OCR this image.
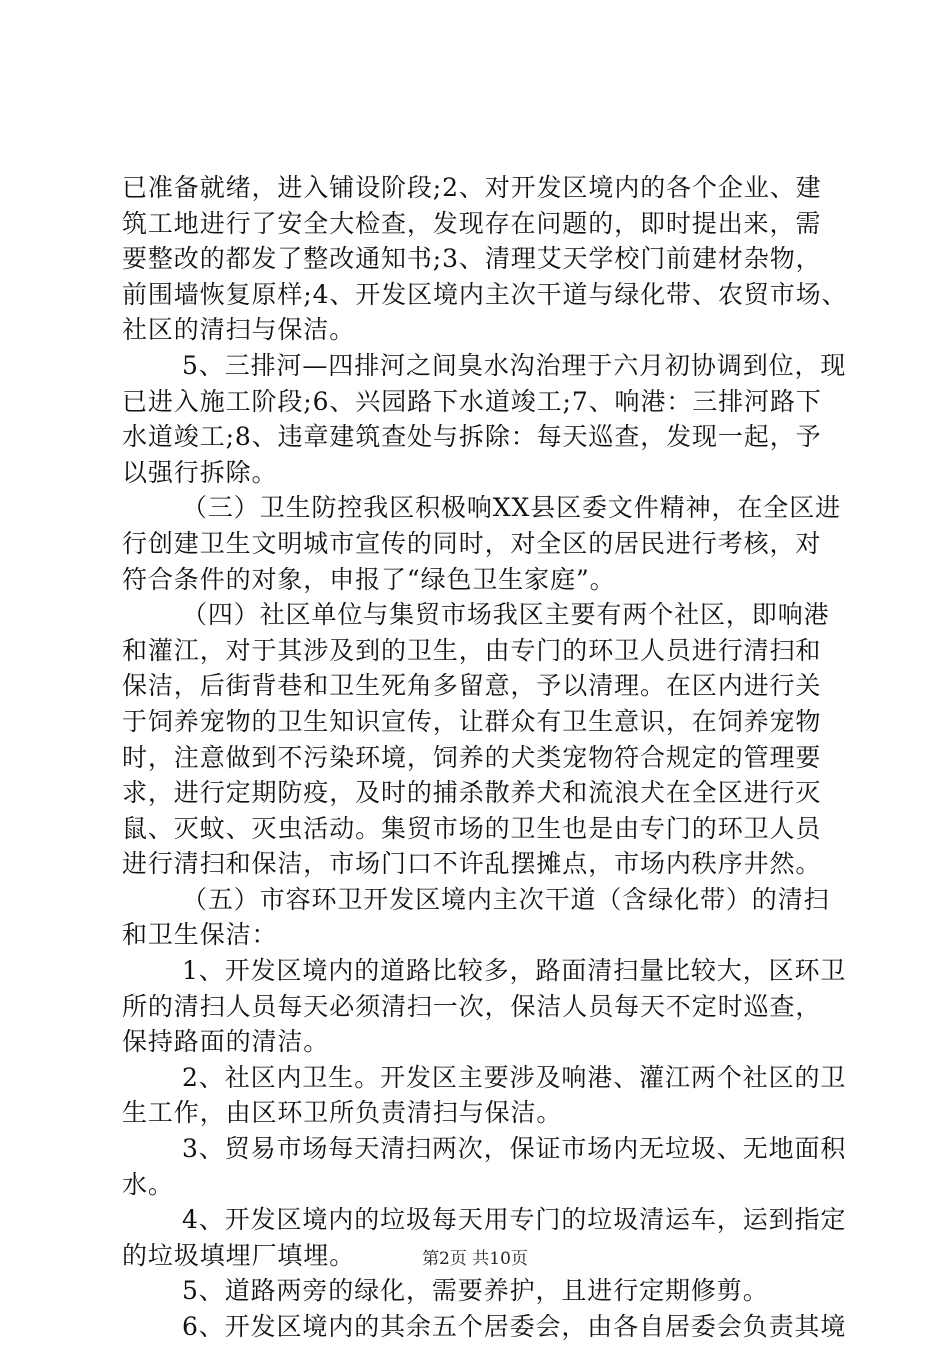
已准备就绪，进入铺设阶段;2、对开发区境内的各个企业、建
筑工地进行了安全大检查，发现存在问题的，即时提出来，需
要整改的都发了整改通知书;3、清理艾天学校门前建材杂物，
前围墙恢复原样;4、开发区境内主次干道与绿化带、农贸市场、
社区的清扫与保洁。
5、三排河—四排河之间臭水沟治理于六月初协调到位，现
已进入施工阶段;6、兴园路下水道竣工;7、响港：三排河路下
水道竣工;8、违章建筑查处与拆除：每天巡查，发现一起，予
以强行拆除。
（三）卫生防控我区积极响XX县区委文件精神，在全区进
行创建卫生文明城市宣传的同时，对全区的居民进行考核，对
符合条件的对象，申报了“绿色卫生家庭”。
（四）社区单位与集贸市场我区主要有两个社区，即响港
和灌江，对于其涉及到的卫生，由专门的环卫人员进行清扫和
保洁，后街背巷和卫生死角多留意，予以清理。在区内进行关
于饲养宠物的卫生知识宣传，让群众有卫生意识，在饲养宠物
时，注意做到不污染环境，饲养的犬类宠物符合规定的管理要
求，进行定期防疫，及时的捕杀散养犬和流浪犬在全区进行灭
鼠、灭蚊、灭虫活动。集贸市场的卫生也是由专门的环卫人员
进行清扫和保洁，市场门口不许乱摆摊点，市场内秩序井然。
（五）市容环卫开发区境内主次干道（含绿化带）的清扫
和卫生保洁：
1、开发区境内的道路比较多，路面清扫量比较大，区环卫
所的清扫人员每天必须清扫一次，保洁人员每天不定时巡查，
保持路面的清洁。
2、社区内卫生。开发区主要涉及响港、灌江两个社区的卫
生工作，由区环卫所负责清扫与保洁。
3、贸易市场每天清扫两次，保证市场内无垃圾、无地面积
水。
4、开发区境内的垃圾每天用专门的垃圾清运车，运到指定
的垃圾填埋厂填埋。
5、道路两旁的绿化，需要养护，且进行定期修剪。
6、开发区境内的其余五个居委会，由各自居委会负责其境
第2页 共10页
